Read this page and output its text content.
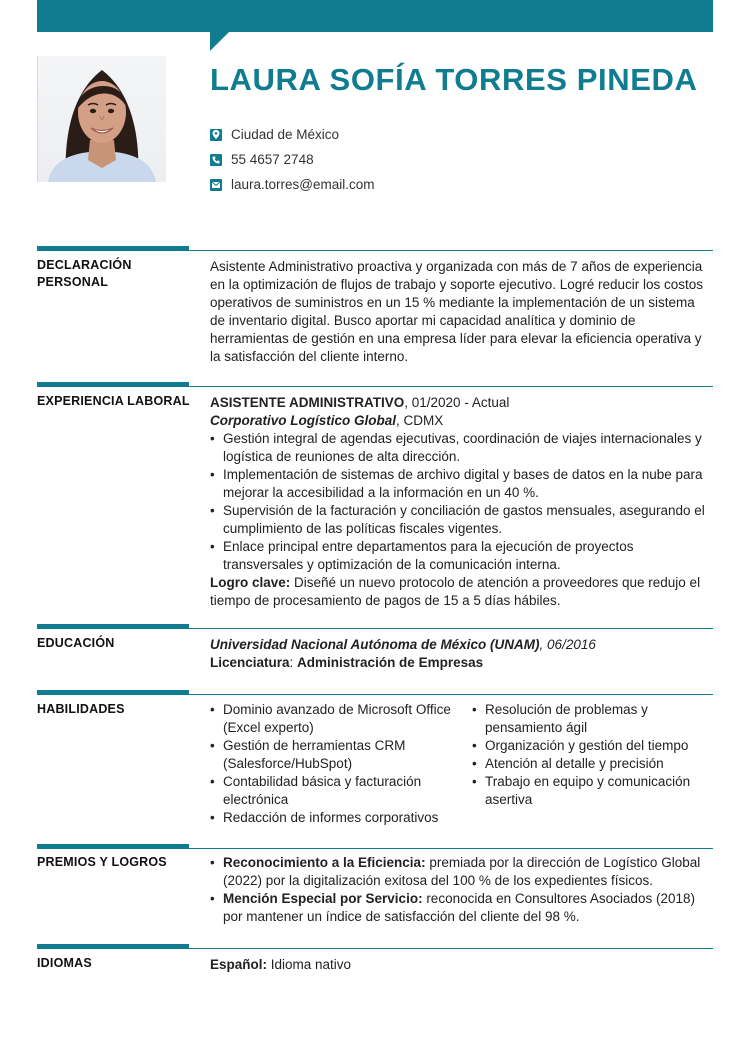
LAURA SOFÍA TORRES PINEDA
Ciudad de México
55 4657 2748
laura.torres@email.com
DECLARACIÓN
PERSONAL

Asistente Administrativo proactiva y organizada con más de 7 años de experiencia en la optimización de flujos de trabajo y soporte ejecutivo. Logré reducir los costos operativos de suministros en un 15 % mediante la implementación de un sistema de inventario digital. Busco aportar mi capacidad analítica y dominio de herramientas de gestión en una empresa líder para elevar la eficiencia operativa y la satisfacción del cliente interno.

EXPERIENCIA LABORAL	ASISTENTE ADMINISTRATIVO, 01/2020 - Actual

Corporativo Logístico Global, CDMX

• Gestión integral de agendas ejecutivas, coordinación de viajes internacionales y logística de reuniones de alta dirección.
• Implementación de sistemas de archivo digital y bases de datos en la nube para mejorar la accesibilidad a la información en un 40 %.
• Supervisión de la facturación y conciliación de gastos mensuales, asegurando el cumplimiento de las políticas fiscales vigentes.
• Enlace principal entre departamentos para la ejecución de proyectos transversales y optimización de la comunicación interna.

Logro clave: Diseñé un nuevo protocolo de atención a proveedores que redujo el tiempo de procesamiento de pagos de 15 a 5 días hábiles.

EDUCACIÓN	Universidad Nacional Autónoma de México (UNAM), 06/2016

Licenciatura: Administración de Empresas

HABILIDADES	• Dominio avanzado de Microsoft Office (Excel experto)
• Gestión de herramientas CRM (Salesforce/HubSpot)
• Contabilidad básica y facturación electrónica
• Redacción de informes corporativos
• Resolución de problemas y pensamiento ágil
• Organización y gestión del tiempo
• Atención al detalle y precisión
• Trabajo en equipo y comunicación asertiva
PREMIOS Y LOGROS	• Reconocimiento a la Eficiencia: premiada por la dirección de Logístico Global (2022) por la digitalización exitosa del 100 % de los expedientes físicos.
• Mención Especial por Servicio: reconocida en Consultores Asociados (2018) por mantener un índice de satisfacción del cliente del 98 %.
IDIOMAS	Español: Idioma nativo
